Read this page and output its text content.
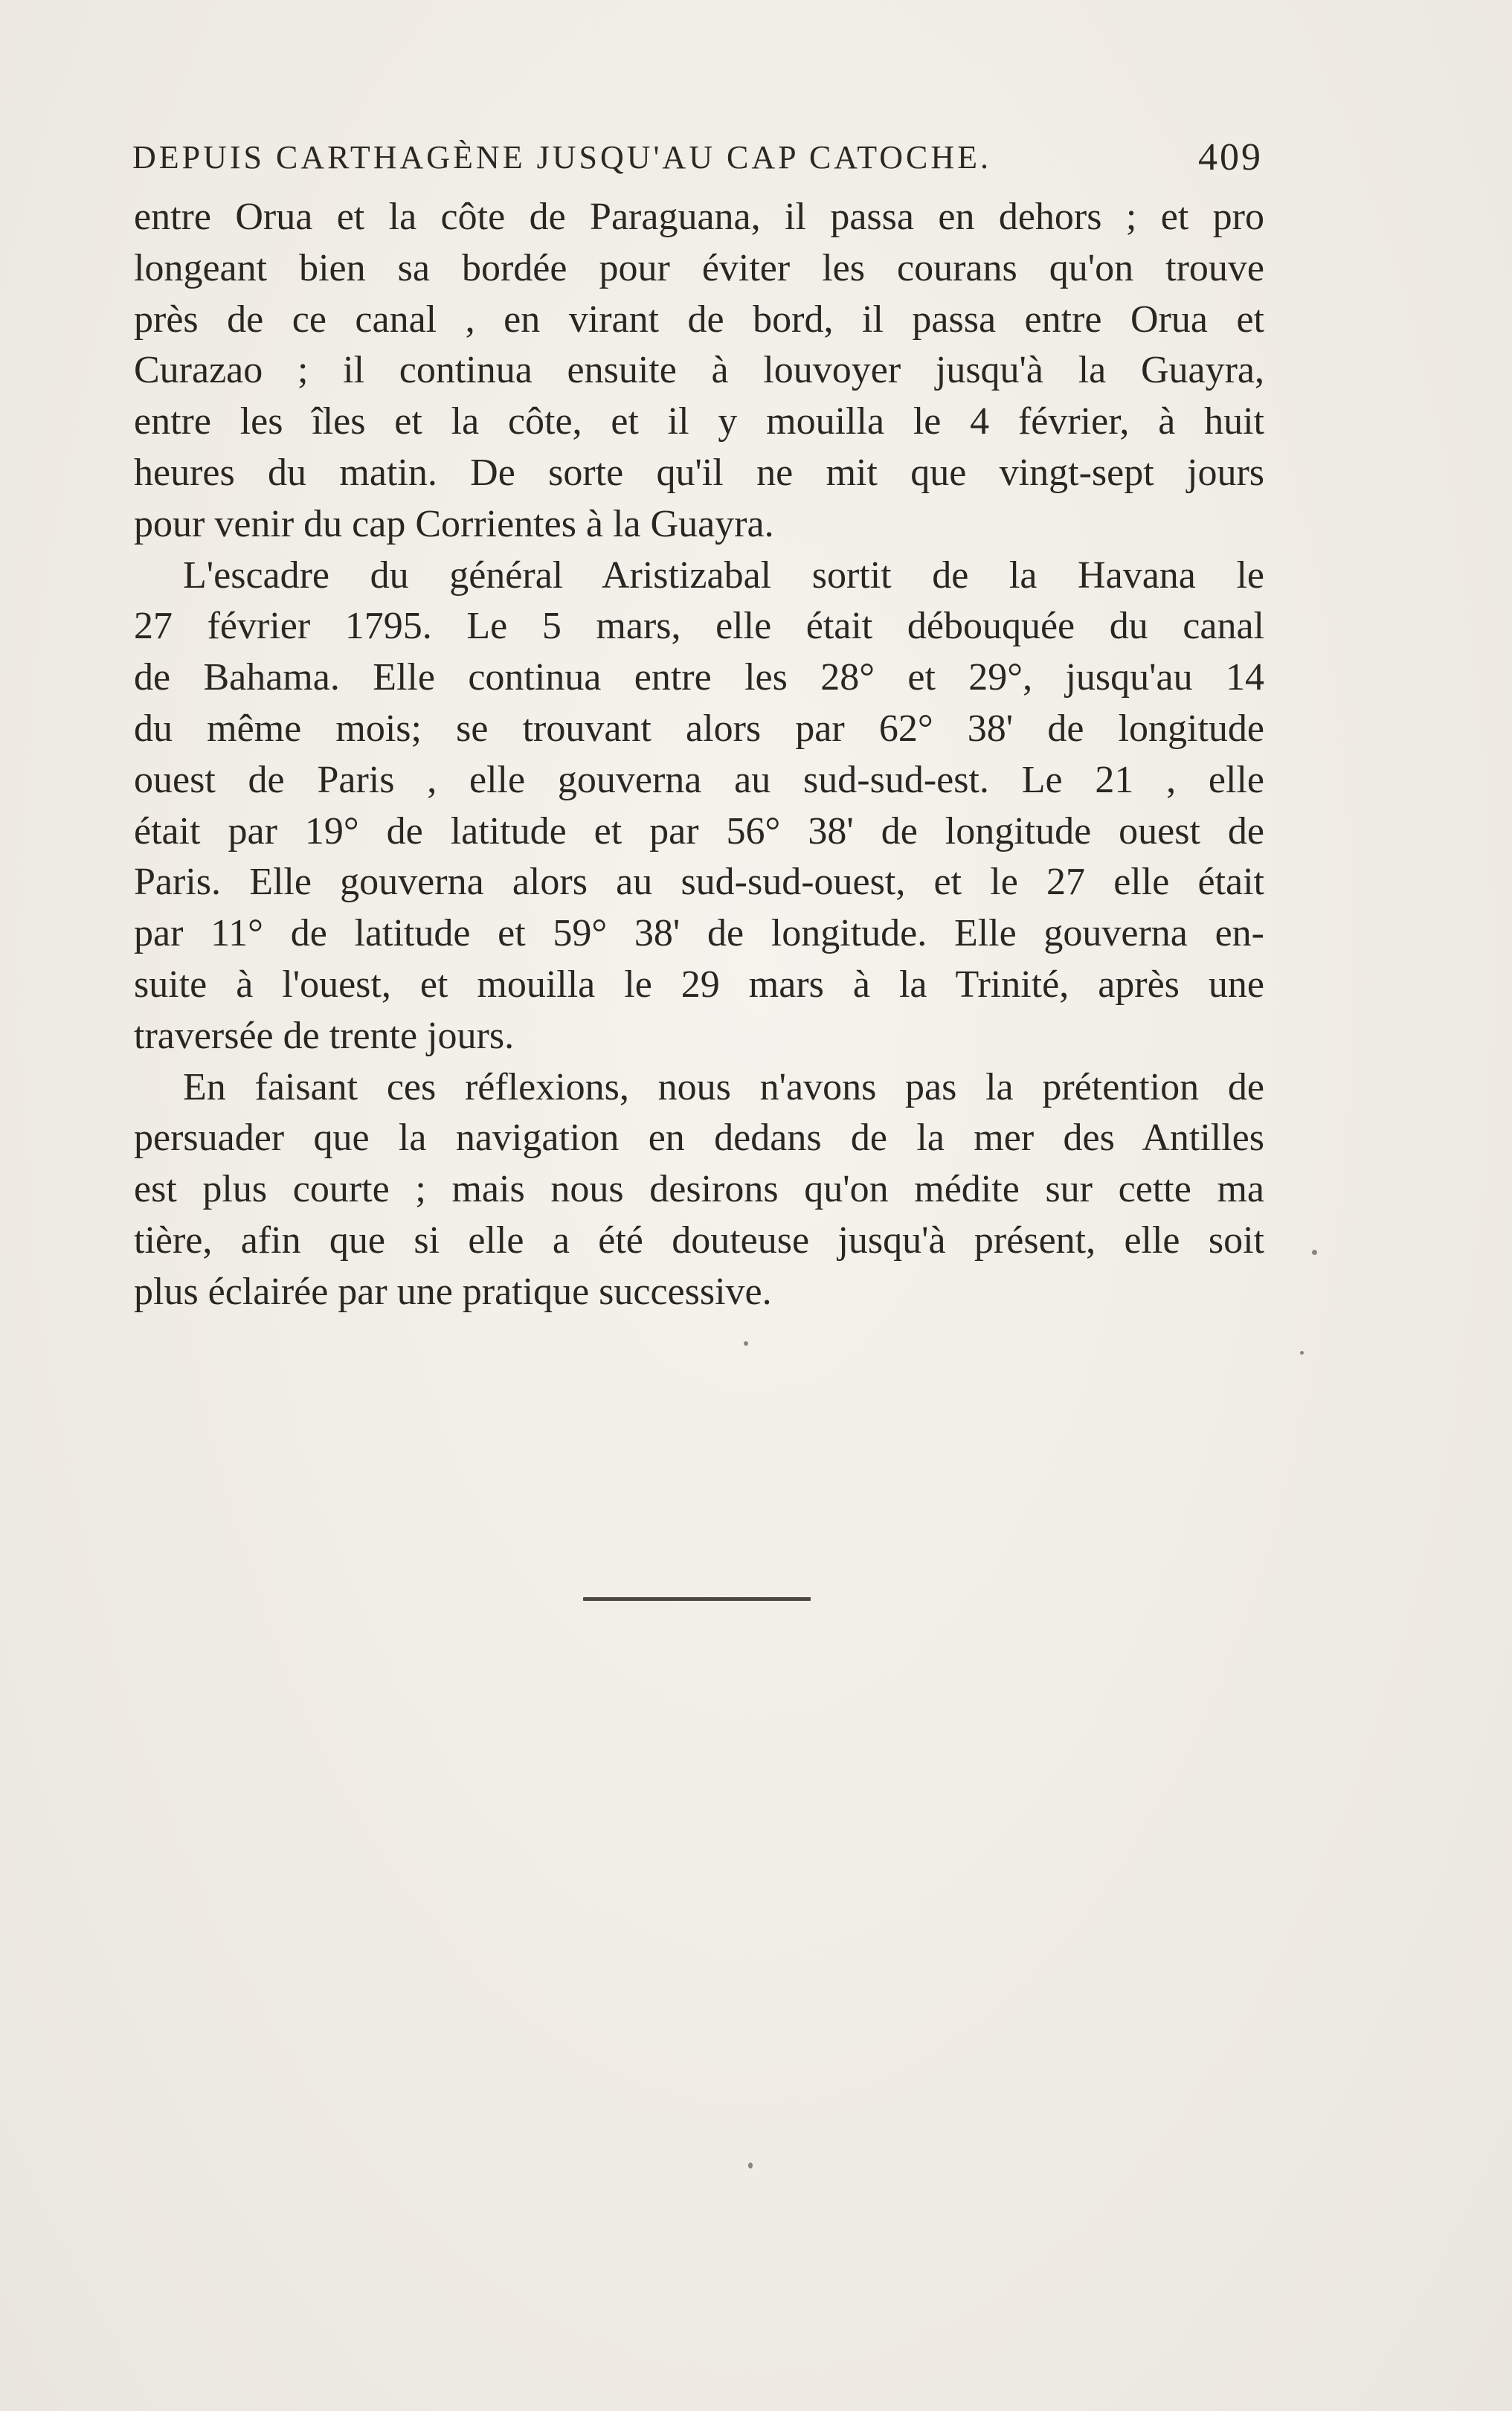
DEPUIS CARTHAGÈNE JUSQU'AU CAP CATOCHE.	409
entre Orua et la côte de Paraguana, il passa en dehors ; et pro
longeant bien sa bordée pour éviter les courans qu'on trouve
près de ce canal , en virant de bord, il passa entre Orua et
Curazao ; il continua ensuite à louvoyer jusqu'à la Guayra,
entre les îles et la côte, et il y mouilla le 4 février, à huit
heures du matin. De sorte qu'il ne mit que vingt-sept jours
pour venir du cap Corrientes à la Guayra.
L'escadre du général Aristizabal sortit de la Havana le
27 février 1795. Le 5 mars, elle était débouquée du canal
de Bahama. Elle continua entre les 28° et 29°, jusqu'au 14
du même mois; se trouvant alors par 62° 38' de longitude
ouest de Paris , elle gouverna au sud-sud-est. Le 21 , elle
était par 19° de latitude et par 56° 38' de longitude ouest de
Paris. Elle gouverna alors au sud-sud-ouest, et le 27 elle était
par 11° de latitude et 59° 38' de longitude. Elle gouverna en-
suite à l'ouest, et mouilla le 29 mars à la Trinité, après une
traversée de trente jours.
En faisant ces réflexions, nous n'avons pas la prétention de
persuader que la navigation en dedans de la mer des Antilles
est plus courte ; mais nous desirons qu'on médite sur cette ma
tière, afin que si elle a été douteuse jusqu'à présent, elle soit
plus éclairée par une pratique successive.
